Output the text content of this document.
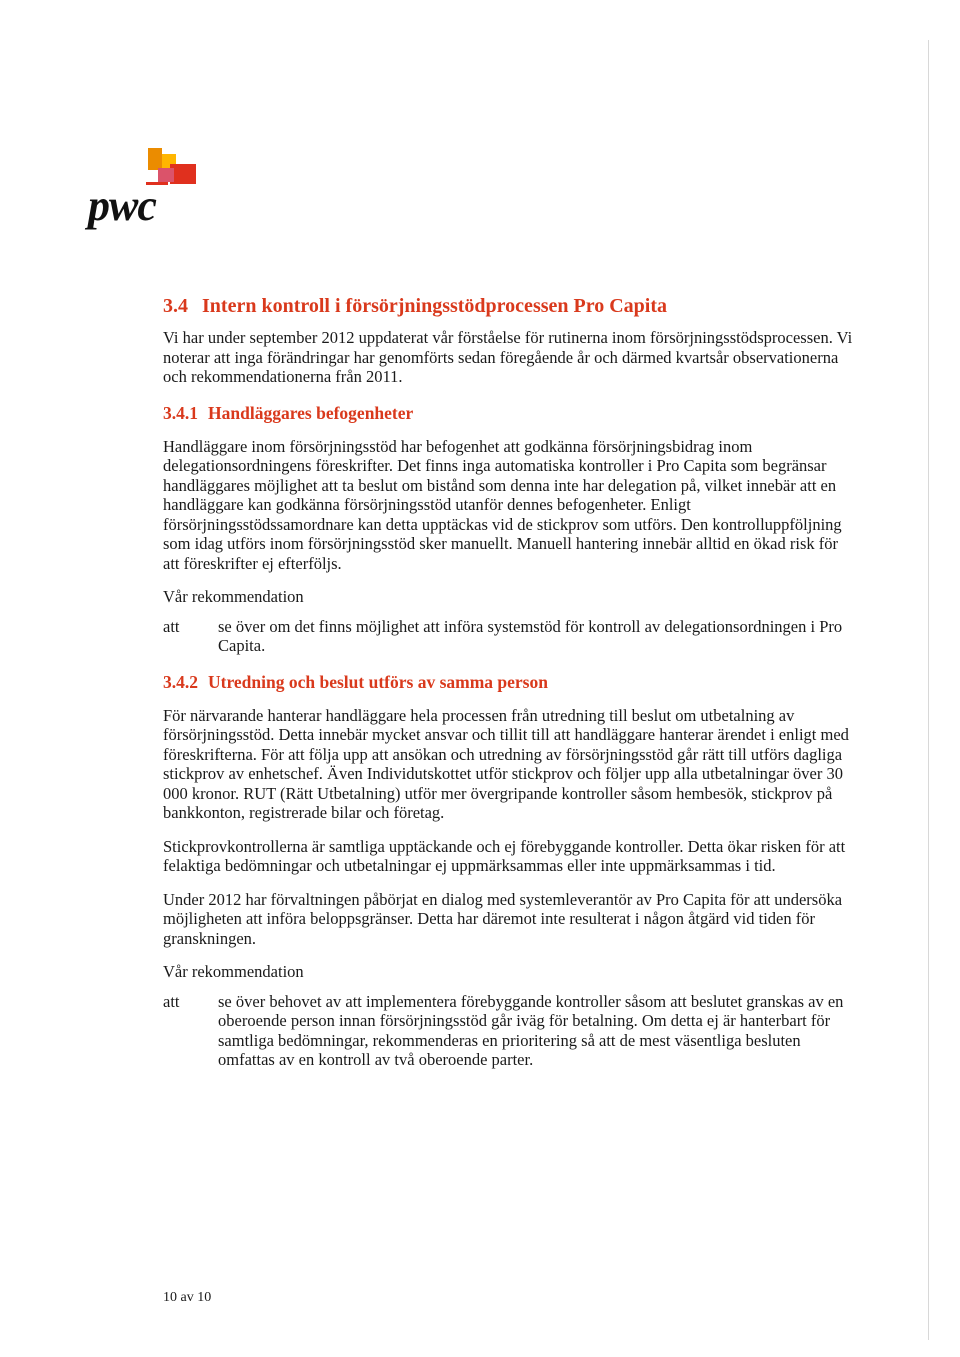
pwc
3.4 Intern kontroll i försörjningsstödprocessen Pro Capita

Vi har under september 2012 uppdaterat vår förståelse för rutinerna inom försörjningsstödsprocessen. Vi noterar att inga förändringar har genomförts sedan föregående år och därmed kvartsår observationerna och rekommendationerna från 2011.

3.4.1 Handläggares befogenheter

Handläggare inom försörjningsstöd har befogenhet att godkänna försörjningsbidrag inom delegationsordningens föreskrifter. Det finns inga automatiska kontroller i Pro Capita som begränsar handläggares möjlighet att ta beslut om bistånd som denna inte har delegation på, vilket innebär att en handläggare kan godkänna försörjningsstöd utanför dennes befogenheter. Enligt försörjningsstödssamordnare kan detta upptäckas vid de stickprov som utförs. Den kontrolluppföljning som idag utförs inom försörjningsstöd sker manuellt. Manuell hantering innebär alltid en ökad risk för att föreskrifter ej efterföljs.

Vår rekommendation
att	se över om det finns möjlighet att införa systemstöd för kontroll av delegationsordningen i Pro Capita.
3.4.2 Utredning och beslut utförs av samma person

För närvarande hanterar handläggare hela processen från utredning till beslut om utbetalning av försörjningsstöd. Detta innebär mycket ansvar och tillit till att handläggare hanterar ärendet i enligt med föreskrifterna. För att följa upp att ansökan och utredning av försörjningsstöd går rätt till utförs dagliga stickprov av enhetschef. Även Individutskottet utför stickprov och följer upp alla utbetalningar över 30 000 kronor. RUT (Rätt Utbetalning) utför mer övergripande kontroller såsom hembesök, stickprov på bankkonton, registrerade bilar och företag.

Stickprovkontrollerna är samtliga upptäckande och ej förebyggande kontroller. Detta ökar risken för att felaktiga bedömningar och utbetalningar ej uppmärksammas eller inte uppmärksammas i tid.

Under 2012 har förvaltningen påbörjat en dialog med systemleverantör av Pro Capita för att undersöka möjligheten att införa beloppsgränser. Detta har däremot inte resulterat i någon åtgärd vid tiden för granskningen.

Vår rekommendation
att	se över behovet av att implementera förebyggande kontroller såsom att beslutet granskas av en oberoende person innan försörjningsstöd går iväg för betalning. Om detta ej är hanterbart för samtliga bedömningar, rekommenderas en prioritering så att de mest väsentliga besluten omfattas av en kontroll av två oberoende parter.
10 av 10
